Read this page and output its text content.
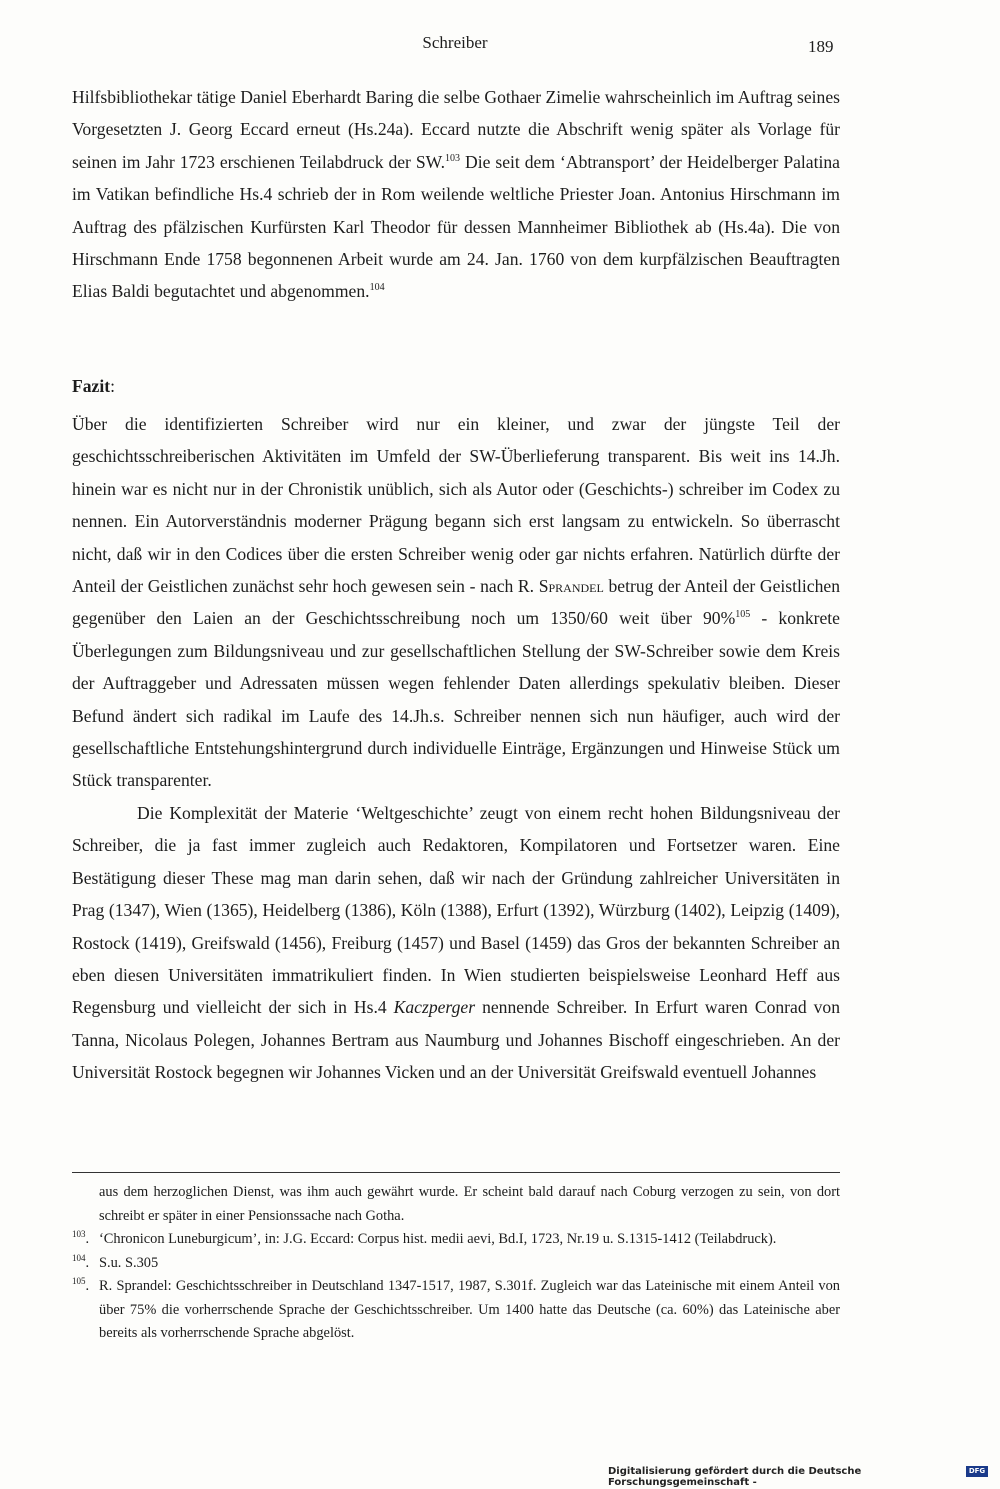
Schreiber	189

Hilfsbibliothekar tätige Daniel Eberhardt Baring die selbe Gothaer Zimelie wahrscheinlich im Auftrag seines Vorgesetzten J. Georg Eccard erneut (Hs.24a). Eccard nutzte die Abschrift wenig später als Vorlage für seinen im Jahr 1723 erschienen Teilabdruck der SW.$^{103}$ Die seit dem ‘Abtransport’ der Heidelberger Palatina im Vatikan befindliche Hs.4 schrieb der in Rom weilende weltliche Priester Joan. Antonius Hirschmann im Auftrag des pfälzischen Kurfürsten Karl Theodor für dessen Mannheimer Bibliothek ab (Hs.4a). Die von Hirschmann Ende 1758 begonnenen Arbeit wurde am 24. Jan. 1760 von dem kurpfälzischen Beauftragten Elias Baldi begutachtet und abgenommen.$^{104}$

Fazit:

Über die identifizierten Schreiber wird nur ein kleiner, und zwar der jüngste Teil der geschichtsschreiberischen Aktivitäten im Umfeld der SW-Überlieferung transparent. Bis weit ins 14.Jh. hinein war es nicht nur in der Chronistik unüblich, sich als Autor oder (Geschichts-) schreiber im Codex zu nennen. Ein Autorverständnis moderner Prägung begann sich erst langsam zu entwickeln. So überrascht nicht, daß wir in den Codices über die ersten Schreiber wenig oder gar nichts erfahren. Natürlich dürfte der Anteil der Geistlichen zunächst sehr hoch gewesen sein - nach R. Sprandel betrug der Anteil der Geistlichen gegenüber den Laien an der Geschichtsschreibung noch um 1350/60 weit über 90%$^{105}$ - konkrete Überlegungen zum Bildungsniveau und zur gesellschaftlichen Stellung der SW-Schreiber sowie dem Kreis der Auftraggeber und Adressaten müssen wegen fehlender Daten allerdings spekulativ bleiben. Dieser Befund ändert sich radikal im Laufe des 14.Jh.s. Schreiber nennen sich nun häufiger, auch wird der gesellschaftliche Entstehungshintergrund durch individuelle Einträge, Ergänzungen und Hinweise Stück um Stück transparenter.

Die Komplexität der Materie ‘Weltgeschichte’ zeugt von einem recht hohen Bildungsniveau der Schreiber, die ja fast immer zugleich auch Redaktoren, Kompilatoren und Fortsetzer waren. Eine Bestätigung dieser These mag man darin sehen, daß wir nach der Gründung zahlreicher Universitäten in Prag (1347), Wien (1365), Heidelberg (1386), Köln (1388), Erfurt (1392), Würzburg (1402), Leipzig (1409), Rostock (1419), Greifswald (1456), Freiburg (1457) und Basel (1459) das Gros der bekannten Schreiber an eben diesen Universitäten immatrikuliert finden. In Wien studierten beispielsweise Leonhard Heff aus Regensburg und vielleicht der sich in Hs.4 Kaczperger nennende Schreiber. In Erfurt waren Conrad von Tanna, Nicolaus Polegen, Johannes Bertram aus Naumburg und Johannes Bischoff eingeschrieben. An der Universität Rostock begegnen wir Johannes Vicken und an der Universität Greifswald eventuell Johannes

aus dem herzoglichen Dienst, was ihm auch gewährt wurde. Er scheint bald darauf nach Coburg verzogen zu sein, von dort schreibt er später in einer Pensionssache nach Gotha.

$^{103}$. ‘Chronicon Luneburgicum’, in: J.G. Eccard: Corpus hist. medii aevi, Bd.I, 1723, Nr.19 u. S.1315-1412 (Teilabdruck).

$^{104}$. S.u. S.305

$^{105}$. R. Sprandel: Geschichtsschreiber in Deutschland 1347-1517, 1987, S.301f. Zugleich war das Lateinische mit einem Anteil von über 75% die vorherrschende Sprache der Geschichtsschreiber. Um 1400 hatte das Deutsche (ca. 60%) das Lateinische aber bereits als vorherrschende Sprache abgelöst.

Digitalisierung gefördert durch die Deutsche Forschungsgemeinschaft -
DFG
